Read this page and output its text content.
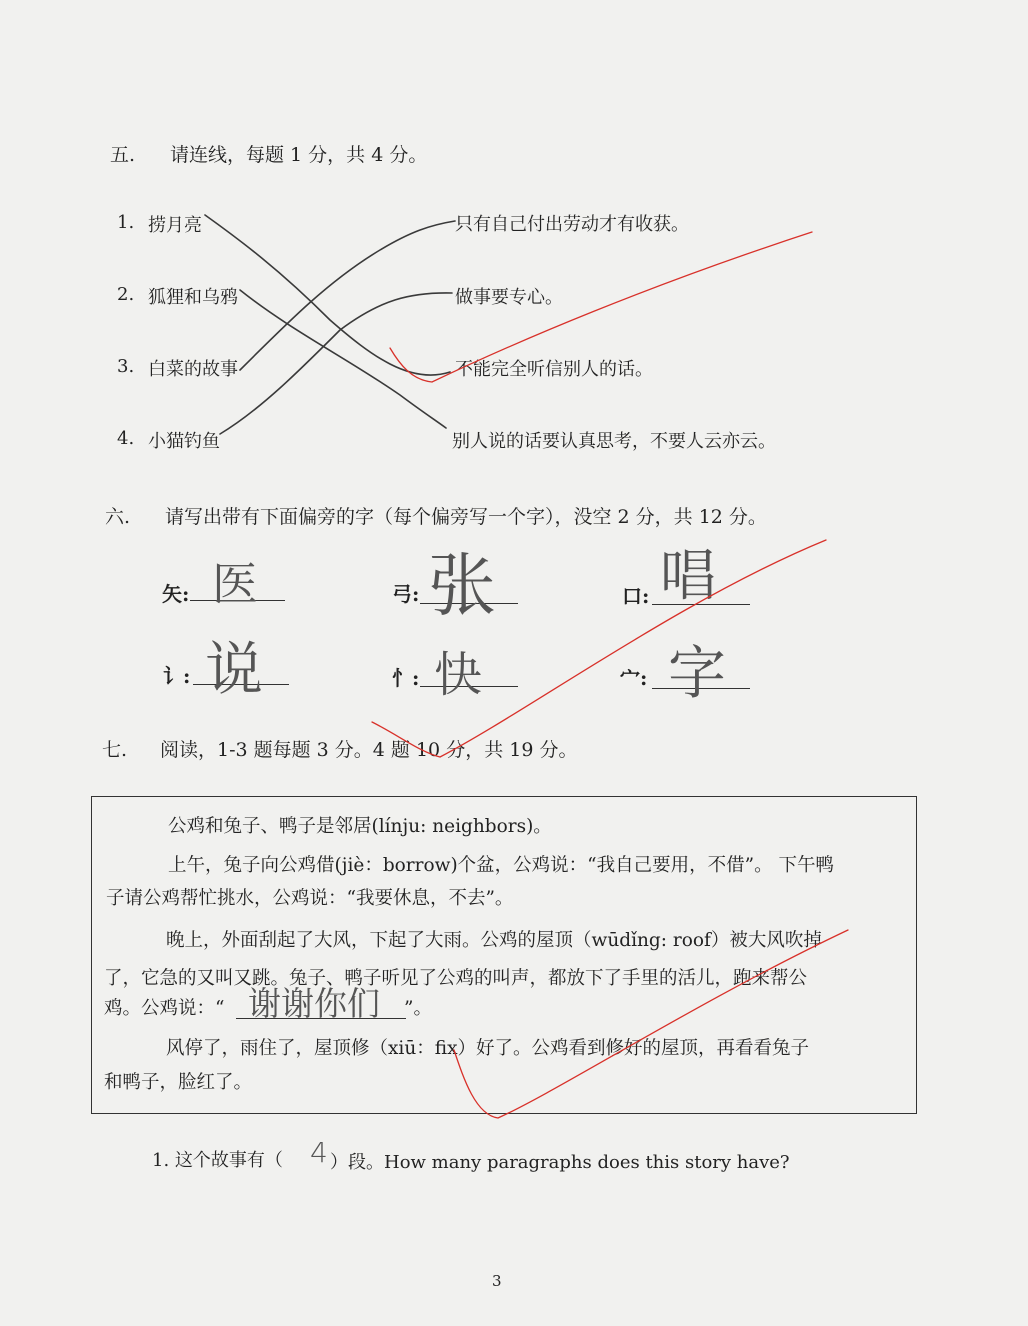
五. 请连线，每题 1 分，共 4 分。
1. 捞月亮
2. 狐狸和乌鸦
3. 白菜的故事
4. 小猫钓鱼
只有自己付出劳动才有收获。
做事要专心。
不能完全听信别人的话。
别人说的话要认真思考，不要人云亦云。
六. 请写出带有下面偏旁的字（每个偏旁写一个字），没空 2 分，共 12 分。
矢: 医	弓: 张	口: 唱
讠: 说	忄: 快	宀: 字
七. 阅读，1-3 题每题 3 分。4 题 10 分，共 19 分。
公鸡和兔子、鸭子是邻居(línju: neighbors)。
上午，兔子向公鸡借(jiè：borrow)个盆，公鸡说：“我自己要用，不借”。 下午鸭
子请公鸡帮忙挑水，公鸡说：“我要休息，不去”。
晚上，外面刮起了大风，下起了大雨。公鸡的屋顶（wūdǐng: roof）被大风吹掉
了，它急的又叫又跳。兔子、鸭子听见了公鸡的叫声，都放下了手里的活儿，跑来帮公
鸡。公鸡说：“ 谢谢你们 ”。
风停了，雨住了，屋顶修（xiū：fix）好了。公鸡看到修好的屋顶，再看看兔子
和鸭子，脸红了。
1. 这个故事有（ 4 ）段。How many paragraphs does this story have?
3
